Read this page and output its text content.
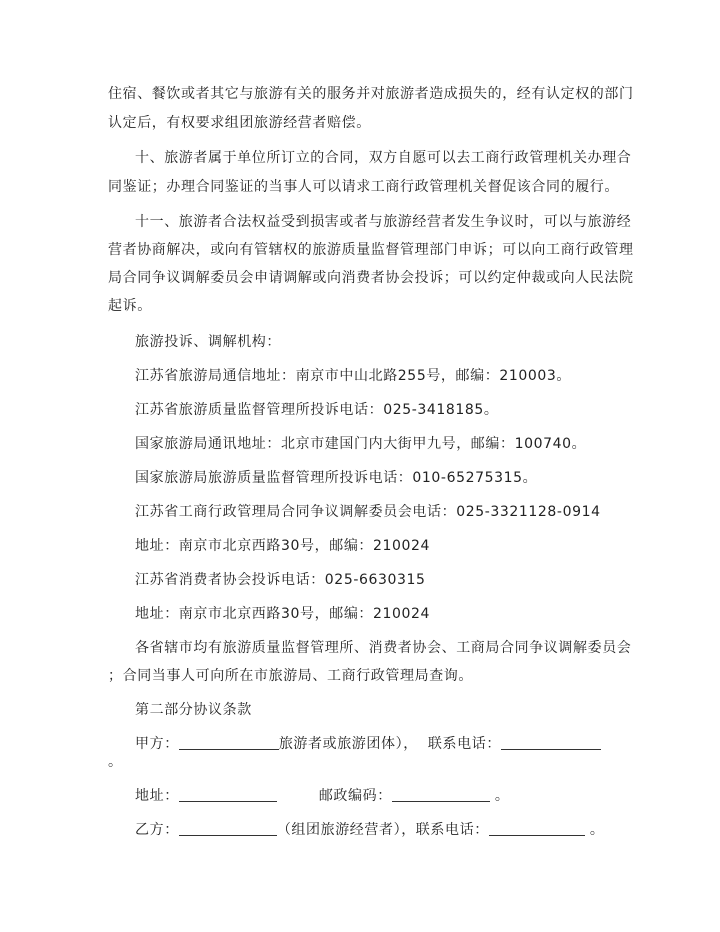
住宿、餐饮或者其它与旅游有关的服务并对旅游者造成损失的，经有认定权的部门
认定后，有权要求组团旅游经营者赔偿。
十、旅游者属于单位所订立的合同，双方自愿可以去工商行政管理机关办理合
同鉴证；办理合同鉴证的当事人可以请求工商行政管理机关督促该合同的履行。
十一、旅游者合法权益受到损害或者与旅游经营者发生争议时，可以与旅游经
营者协商解决，或向有管辖权的旅游质量监督管理部门申诉；可以向工商行政管理
局合同争议调解委员会申请调解或向消费者协会投诉；可以约定仲裁或向人民法院
起诉。
旅游投诉、调解机构：
江苏省旅游局通信地址：南京市中山北路255号，邮编：210003。
江苏省旅游质量监督管理所投诉电话：025-3418185。
国家旅游局通讯地址：北京市建国门内大街甲九号，邮编：100740。
国家旅游局旅游质量监督管理所投诉电话：010-65275315。
江苏省工商行政管理局合同争议调解委员会电话：025-3321128-0914
地址：南京市北京西路30号，邮编：210024
江苏省消费者协会投诉电话：025-6630315
地址：南京市北京西路30号，邮编：210024
各省辖市均有旅游质量监督管理所、消费者协会、工商局合同争议调解委员会
；合同当事人可向所在市旅游局、工商行政管理局查询。
第二部分协议条款
甲方：	旅游者或旅游团体）， 联系电话：
。
地址：	邮政编码：	。
乙方：	（组团旅游经营者），联系电话：	。
